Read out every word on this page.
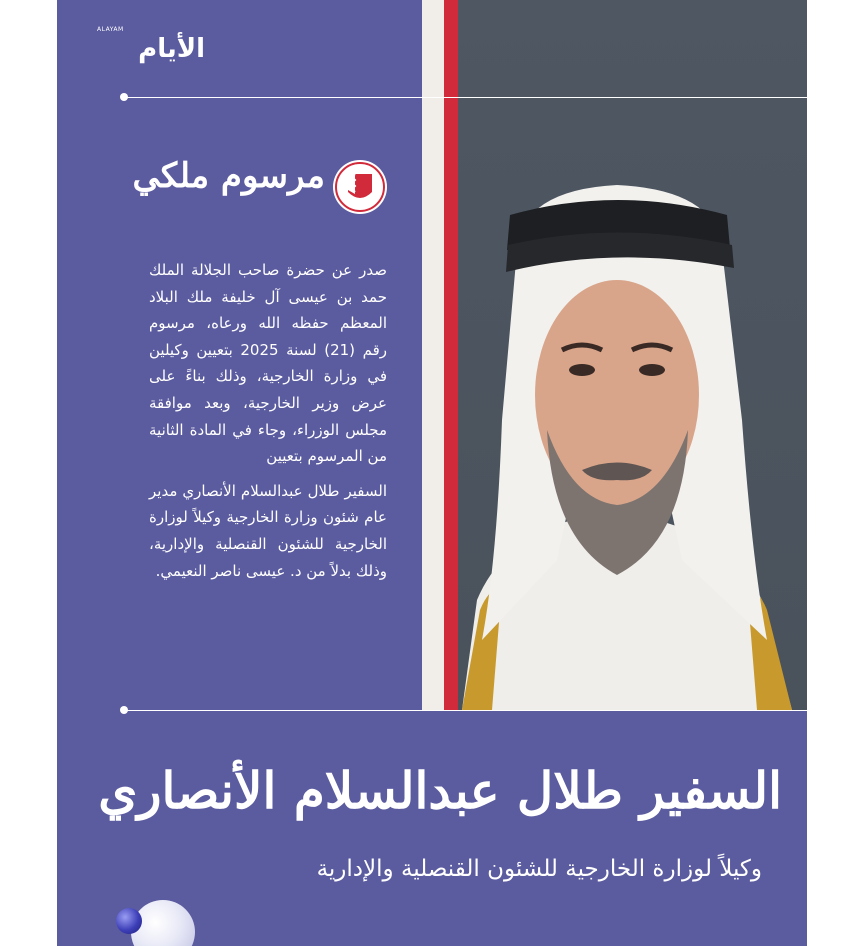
ALAYAM
الأيام
مرسوم ملكي

صدر عن حضرة صاحب الجلالة الملك حمد بن عيسى آل خليفة ملك البلاد المعظم حفظه الله ورعاه، مرسوم رقم (21) لسنة 2025 بتعيين وكيلين في وزارة الخارجية، وذلك بناءً على عرض وزير الخارجية، وبعد موافقة مجلس الوزراء، وجاء في المادة الثانية من المرسوم بتعيين

السفير طلال عبدالسلام الأنصاري مدير عام شئون وزارة الخارجية وكيلاً لوزارة الخارجية للشئون القنصلية والإدارية، وذلك بدلاً من د. عيسى ناصر النعيمي.

السفير طلال عبدالسلام الأنصاري
وكيلاً لوزارة الخارجية للشئون القنصلية والإدارية
